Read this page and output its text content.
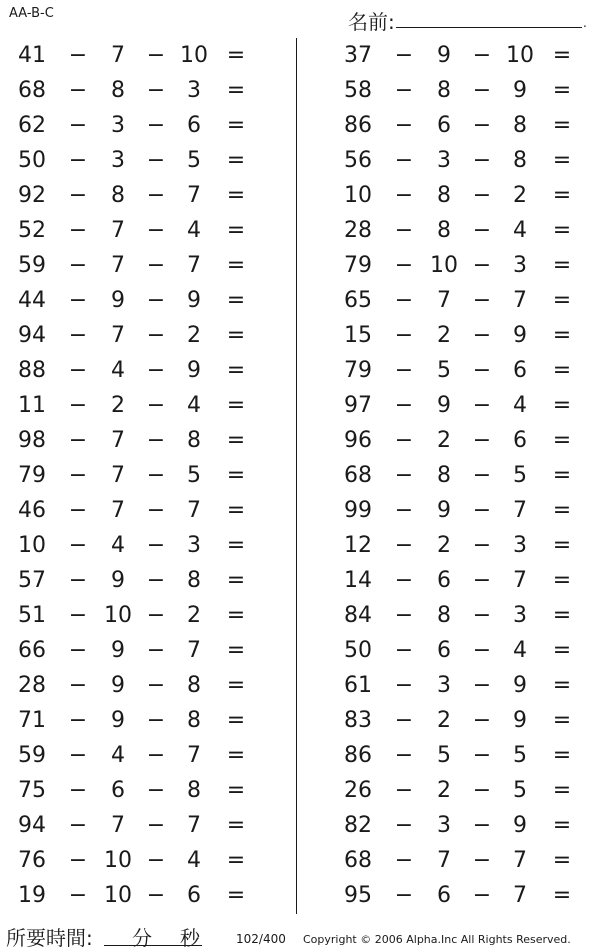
AA-B-C	名前:	.
41	−	7 − 10 =
68	−	8 − 3	=
62	−	3 − 6	=
50	−	3 − 5	=
92	−	8 − 7	=
52	−	7 − 4	=
59	−	7 − 7	=
44	−	9 − 9	=
94	−	7 − 2	=
88	−	4 − 9	=
11	−	2 − 4	=
98	−	7 − 8	=
79	−	7 − 5	=
46	−	7 − 7	=
10	−	4 − 3	=
57	−	9 − 8	=
51	− 10 − 2	=
66	−	9 − 7	=
28	−	9 − 8	=
71	−	9 − 8	=
59	−	4 − 7	=
75	−	6 − 8	=
94	−	7 − 7	=
76	− 10 − 4	=
19	− 10 − 6	=
37	−	9 − 10 =
58	−	8 − 9	=
86	−	6 − 8	=
56	−	3 − 8	=
10	−	8 − 2	=
28	−	8 − 4	=
79	− 10 − 3	=
65	−	7 − 7	=
15	−	2 − 9	=
79	−	5 − 6	=
97	−	9 − 4	=
96	−	2 − 6	=
68	−	8 − 5	=
99	−	9 − 7	=
12	−	2 − 3	=
14	−	6 − 7	=
84	−	8 − 3	=
50	−	6 − 4	=
61	−	3 − 9	=
83	−	2 − 9	=
86	−	5 − 5	=
26	−	2 − 5	=
82	−	3 − 9	=
68	−	7 − 7	=
95	−	6 − 7	=
所要時間: 分 秒	102/400 Copyright © 2006 Alpha.Inc All Rights Reserved.
